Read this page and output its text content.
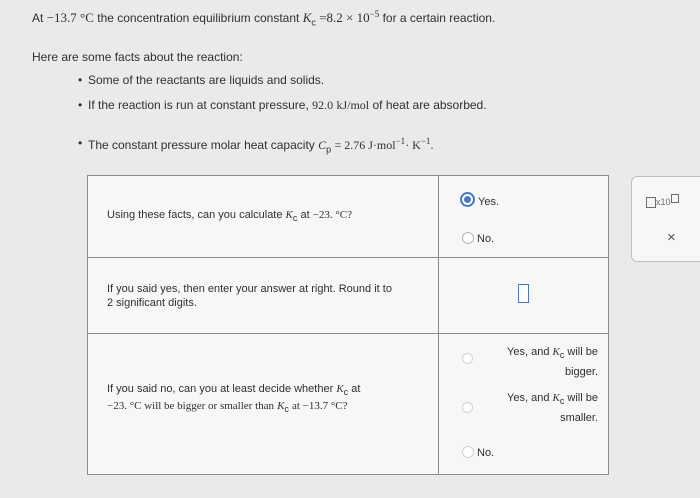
At −13.7 °C the concentration equilibrium constant $K_c =8.2 \times 10^{-5}$ for a certain reaction.
Here are some facts about the reaction:
• Some of the reactants are liquids and solids.
• If the reaction is run at constant pressure, 92.0 kJ/mol of heat are absorbed.
• The constant pressure molar heat capacity $C_p = 2.76$ $J\cdot mol^{-1}\cdot K^{-1}$.
Using these facts, can you calculate $K_c$ at −23. °C?
Yes.
No.
If you said yes, then enter your answer at right. Round it to
2 significant digits.
If you said no, can you at least decide whether $K_c$ at
−23. °C will be bigger or smaller than $K_c$ at −13.7 °C?
Yes, and $K_c$ will be
bigger.
Yes, and $K_c$ will be
smaller.
No.
x10
×
